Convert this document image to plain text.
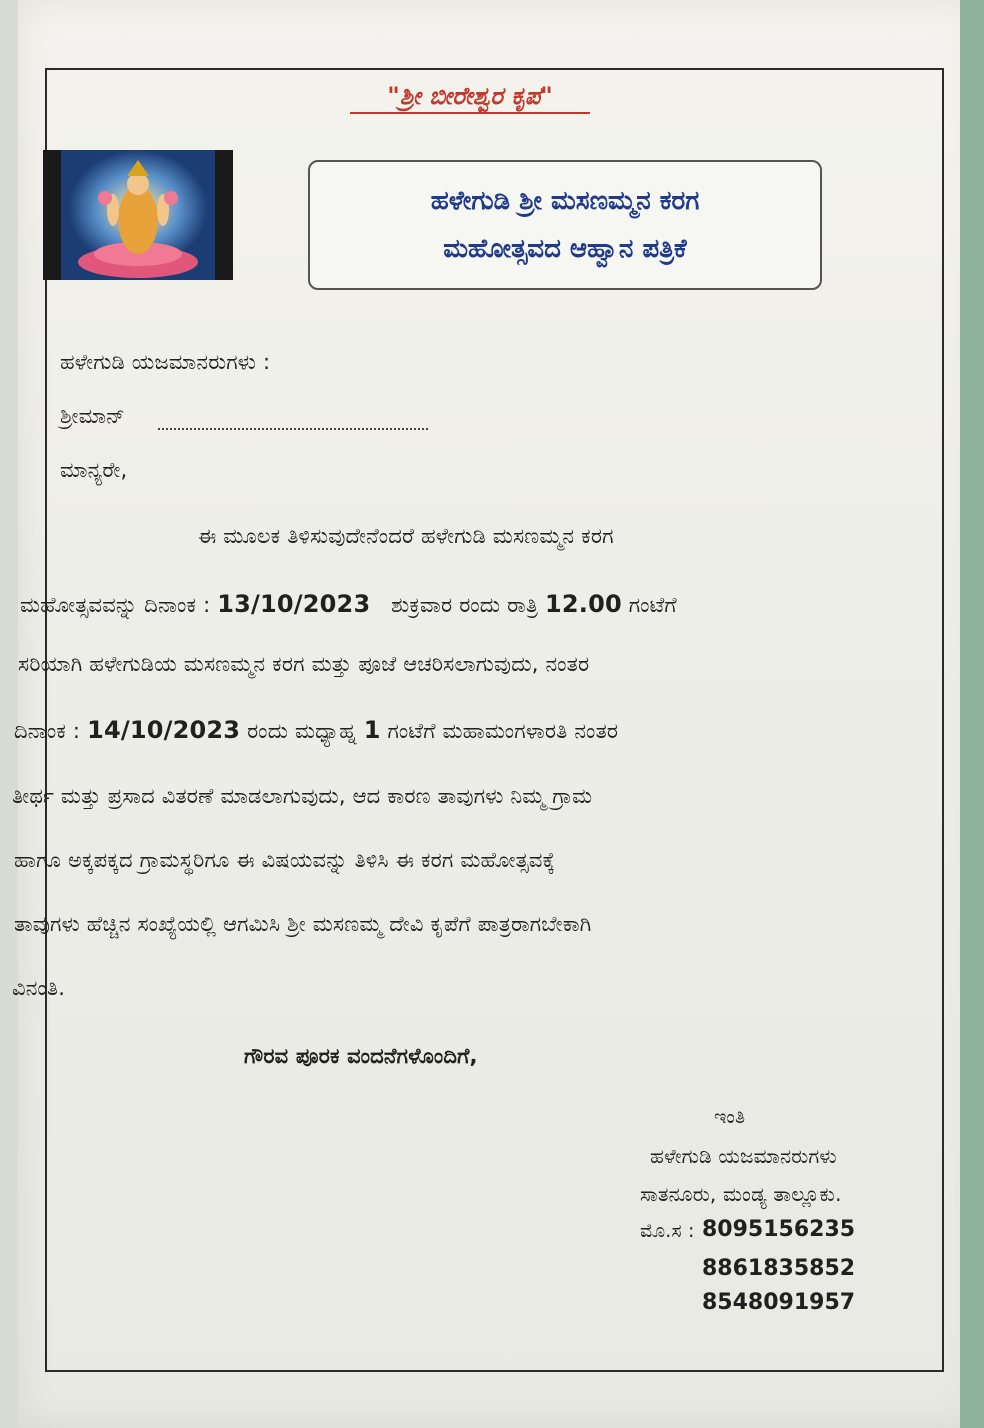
"ಶ್ರೀ ಬೀರೇಶ್ವರ ಕೃಪ"
ಹಳೇಗುಡಿ ಶ್ರೀ ಮಸಣಮ್ಮನ ಕರಗ
ಮಹೋತ್ಸವದ ಆಹ್ವಾನ ಪತ್ರಿಕೆ
ಹಳೇಗುಡಿ ಯಜಮಾನರುಗಳು :
ಶ್ರೀಮಾನ್
ಮಾನ್ಯರೇ,
ಈ ಮೂಲಕ ತಿಳಿಸುವುದೇನೆಂದರೆ ಹಳೇಗುಡಿ ಮಸಣಮ್ಮನ ಕರಗ
ಮಹೋತ್ಸವವನ್ನು ದಿನಾಂಕ : 13/10/2023 ಶುಕ್ರವಾರ ರಂದು ರಾತ್ರಿ 12.00 ಗಂಟೆಗೆ
ಸರಿಯಾಗಿ ಹಳೇಗುಡಿಯ ಮಸಣಮ್ಮನ ಕರಗ ಮತ್ತು ಪೂಜೆ ಆಚರಿಸಲಾಗುವುದು, ನಂತರ
ದಿನಾಂಕ : 14/10/2023 ರಂದು ಮಧ್ಯಾಹ್ನ 1 ಗಂಟೆಗೆ ಮಹಾಮಂಗಳಾರತಿ ನಂತರ
ತೀರ್ಥ ಮತ್ತು ಪ್ರಸಾದ ವಿತರಣೆ ಮಾಡಲಾಗುವುದು, ಆದ ಕಾರಣ ತಾವುಗಳು ನಿಮ್ಮ ಗ್ರಾಮ
ಹಾಗೂ ಅಕ್ಕಪಕ್ಕದ ಗ್ರಾಮಸ್ಥರಿಗೂ ಈ ವಿಷಯವನ್ನು ತಿಳಿಸಿ ಈ ಕರಗ ಮಹೋತ್ಸವಕ್ಕೆ
ತಾವುಗಳು ಹೆಚ್ಚಿನ ಸಂಖ್ಯೆಯಲ್ಲಿ ಆಗಮಿಸಿ ಶ್ರೀ ಮಸಣಮ್ಮ ದೇವಿ ಕೃಪೆಗೆ ಪಾತ್ರರಾಗಬೇಕಾಗಿ
ವಿನಂತಿ.
ಗೌರವ ಪೂರಕ ವಂದನೆಗಳೊಂದಿಗೆ,
ಇಂತಿ
ಹಳೇಗುಡಿ ಯಜಮಾನರುಗಳು
ಸಾತನೂರು, ಮಂಡ್ಯ ತಾಲ್ಲೂಕು.
ಮೊ.ಸ : 8095156235
8861835852
8548091957
